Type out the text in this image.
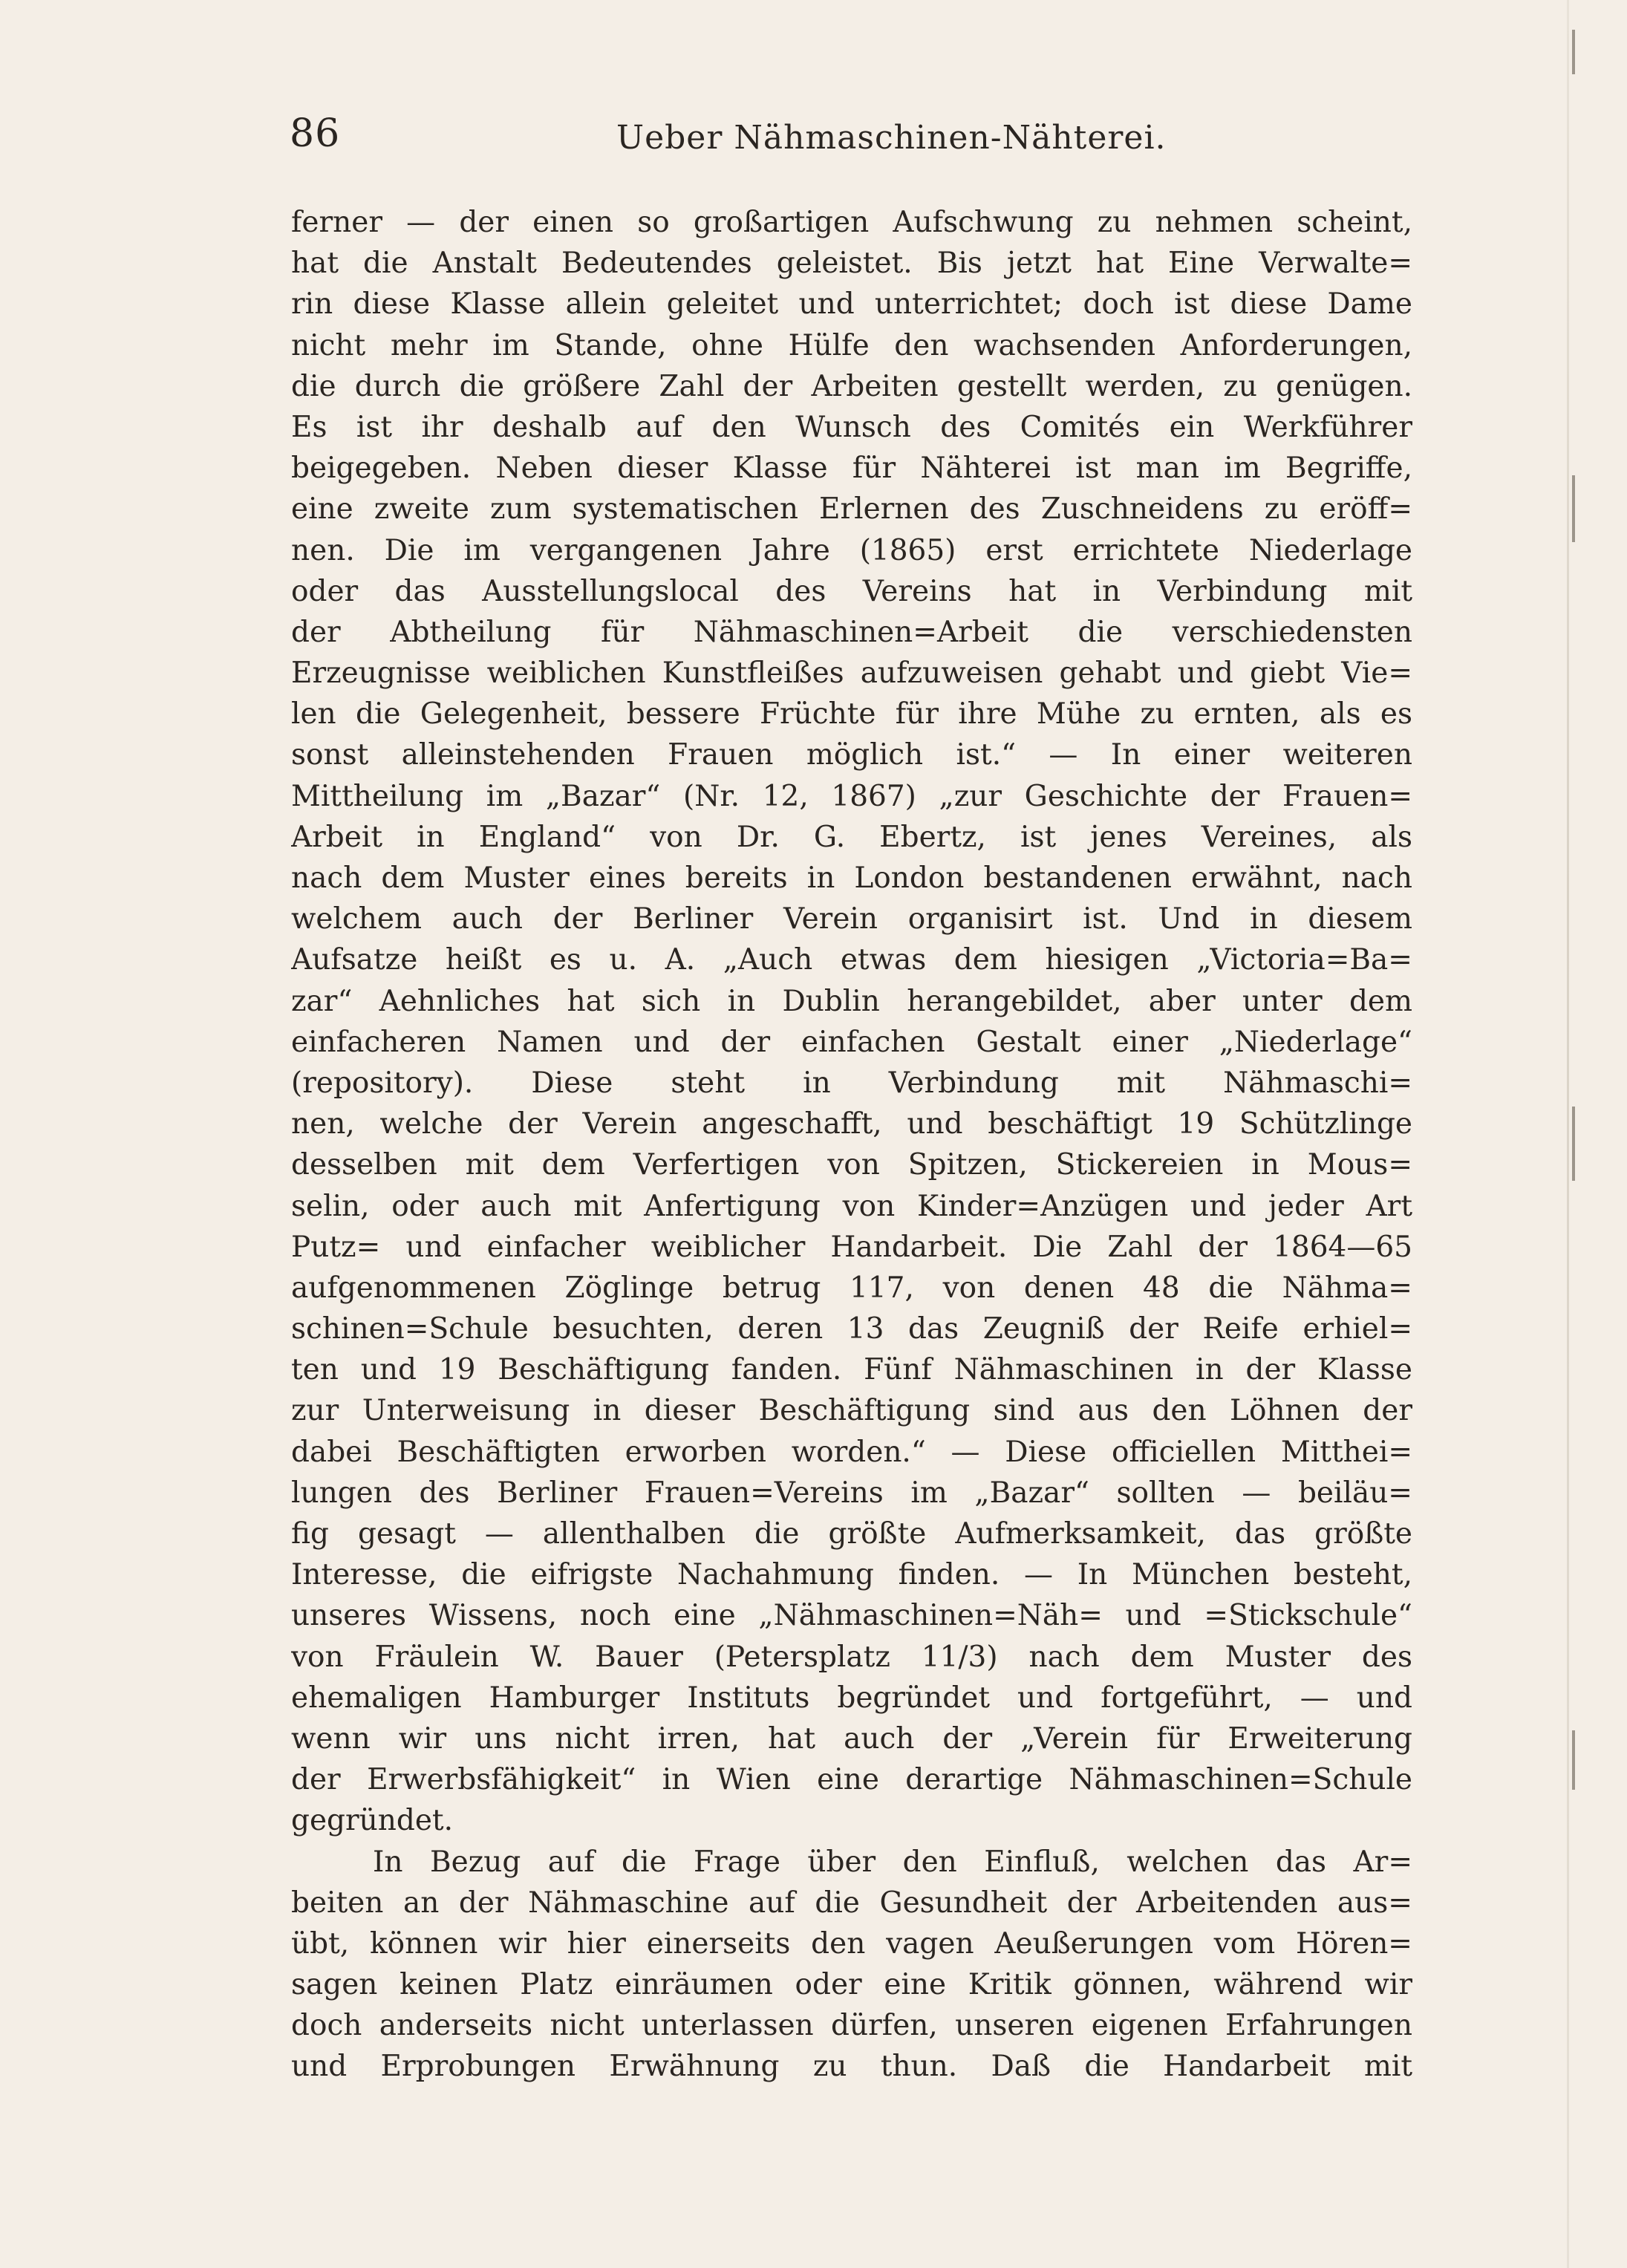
86	Ueber Nähmaschinen-Nähterei.
ferner — der einen so großartigen Aufschwung zu nehmen scheint,
hat die Anstalt Bedeutendes geleistet. Bis jetzt hat Eine Verwalte=
rin diese Klasse allein geleitet und unterrichtet; doch ist diese Dame
nicht mehr im Stande, ohne Hülfe den wachsenden Anforderungen,
die durch die größere Zahl der Arbeiten gestellt werden, zu genügen.
Es ist ihr deshalb auf den Wunsch des Comités ein Werkführer
beigegeben. Neben dieser Klasse für Nähterei ist man im Begriffe,
eine zweite zum systematischen Erlernen des Zuschneidens zu eröff=
nen. Die im vergangenen Jahre (1865) erst errichtete Niederlage
oder das Ausstellungslocal des Vereins hat in Verbindung mit
der Abtheilung für Nähmaschinen=Arbeit die verschiedensten
Erzeugnisse weiblichen Kunstfleißes aufzuweisen gehabt und giebt Vie=
len die Gelegenheit, bessere Früchte für ihre Mühe zu ernten, als es
sonst alleinstehenden Frauen möglich ist.“ — In einer weiteren
Mittheilung im „Bazar“ (Nr. 12, 1867) „zur Geschichte der Frauen=
Arbeit in England“ von Dr. G. Ebertz, ist jenes Vereines, als
nach dem Muster eines bereits in London bestandenen erwähnt, nach
welchem auch der Berliner Verein organisirt ist. Und in diesem
Aufsatze heißt es u. A. „Auch etwas dem hiesigen „Victoria=Ba=
zar“ Aehnliches hat sich in Dublin herangebildet, aber unter dem
einfacheren Namen und der einfachen Gestalt einer „Niederlage“
(repository). Diese steht in Verbindung mit Nähmaschi=
nen, welche der Verein angeschafft, und beschäftigt 19 Schützlinge
desselben mit dem Verfertigen von Spitzen, Stickereien in Mous=
selin, oder auch mit Anfertigung von Kinder=Anzügen und jeder Art
Putz= und einfacher weiblicher Handarbeit. Die Zahl der 1864—65
aufgenommenen Zöglinge betrug 117, von denen 48 die Nähma=
schinen=Schule besuchten, deren 13 das Zeugniß der Reife erhiel=
ten und 19 Beschäftigung fanden. Fünf Nähmaschinen in der Klasse
zur Unterweisung in dieser Beschäftigung sind aus den Löhnen der
dabei Beschäftigten erworben worden.“ — Diese officiellen Mitthei=
lungen des Berliner Frauen=Vereins im „Bazar“ sollten — beiläu=
fig gesagt — allenthalben die größte Aufmerksamkeit, das größte
Interesse, die eifrigste Nachahmung finden. — In München besteht,
unseres Wissens, noch eine „Nähmaschinen=Näh= und =Stickschule“
von Fräulein W. Bauer (Petersplatz 11/3) nach dem Muster des
ehemaligen Hamburger Instituts begründet und fortgeführt, — und
wenn wir uns nicht irren, hat auch der „Verein für Erweiterung
der Erwerbsfähigkeit“ in Wien eine derartige Nähmaschinen=Schule
gegründet.
In Bezug auf die Frage über den Einfluß, welchen das Ar=
beiten an der Nähmaschine auf die Gesundheit der Arbeitenden aus=
übt, können wir hier einerseits den vagen Aeußerungen vom Hören=
sagen keinen Platz einräumen oder eine Kritik gönnen, während wir
doch anderseits nicht unterlassen dürfen, unseren eigenen Erfahrungen
und Erprobungen Erwähnung zu thun. Daß die Handarbeit mit
